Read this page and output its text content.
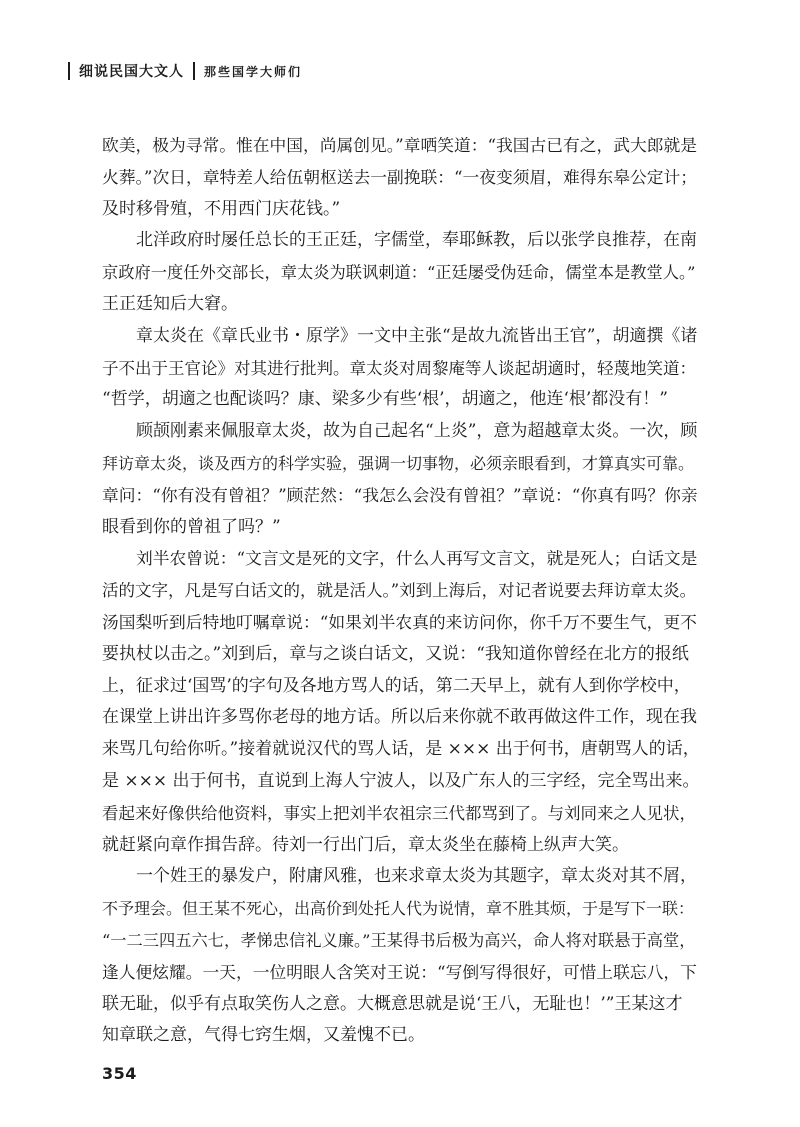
细说民国大文人 那些国学大师们

欧美，极为寻常。惟在中国，尚属创见。”章哂笑道：“我国古已有之，武大郎就是
火葬。”次日，章特差人给伍朝枢送去一副挽联：“一夜变须眉，难得东皋公定计；
及时移骨殖，不用西门庆花钱。”

北洋政府时屡任总长的王正廷，字儒堂，奉耶稣教，后以张学良推荐，在南
京政府一度任外交部长，章太炎为联讽刺道：“正廷屡受伪廷命，儒堂本是教堂人。”
王正廷知后大窘。

章太炎在《章氏业书・原学》一文中主张“是故九流皆出王官”，胡適撰《诸
子不出于王官论》对其进行批判。章太炎对周黎庵等人谈起胡適时，轻蔑地笑道：
“哲学，胡適之也配谈吗？康、梁多少有些‘根’，胡適之，他连‘根’都没有！”

顾颉刚素来佩服章太炎，故为自己起名“上炎”，意为超越章太炎。一次，顾
拜访章太炎，谈及西方的科学实验，强调一切事物，必须亲眼看到，才算真实可靠。
章问：“你有没有曾祖？”顾茫然：“我怎么会没有曾祖？”章说：“你真有吗？你亲
眼看到你的曾祖了吗？”

刘半农曾说：“文言文是死的文字，什么人再写文言文，就是死人；白话文是
活的文字，凡是写白话文的，就是活人。”刘到上海后，对记者说要去拜访章太炎。
汤国梨听到后特地叮嘱章说：“如果刘半农真的来访问你，你千万不要生气，更不
要执杖以击之。”刘到后，章与之谈白话文，又说：“我知道你曾经在北方的报纸
上，征求过‘国骂’的字句及各地方骂人的话，第二天早上，就有人到你学校中，
在课堂上讲出许多骂你老母的地方话。所以后来你就不敢再做这件工作，现在我
来骂几句给你听。”接着就说汉代的骂人话，是 ××× 出于何书，唐朝骂人的话，
是 ××× 出于何书，直说到上海人宁波人，以及广东人的三字经，完全骂出来。
看起来好像供给他资料，事实上把刘半农祖宗三代都骂到了。与刘同来之人见状，
就赶紧向章作揖告辞。待刘一行出门后，章太炎坐在藤椅上纵声大笑。

一个姓王的暴发户，附庸风雅，也来求章太炎为其题字，章太炎对其不屑，
不予理会。但王某不死心，出高价到处托人代为说情，章不胜其烦，于是写下一联：
“一二三四五六七，孝悌忠信礼义廉。”王某得书后极为高兴，命人将对联悬于高堂，
逢人便炫耀。一天，一位明眼人含笑对王说：“写倒写得很好，可惜上联忘八，下
联无耻，似乎有点取笑伤人之意。大概意思就是说‘王八，无耻也！’”王某这才
知章联之意，气得七窍生烟，又羞愧不已。

354
